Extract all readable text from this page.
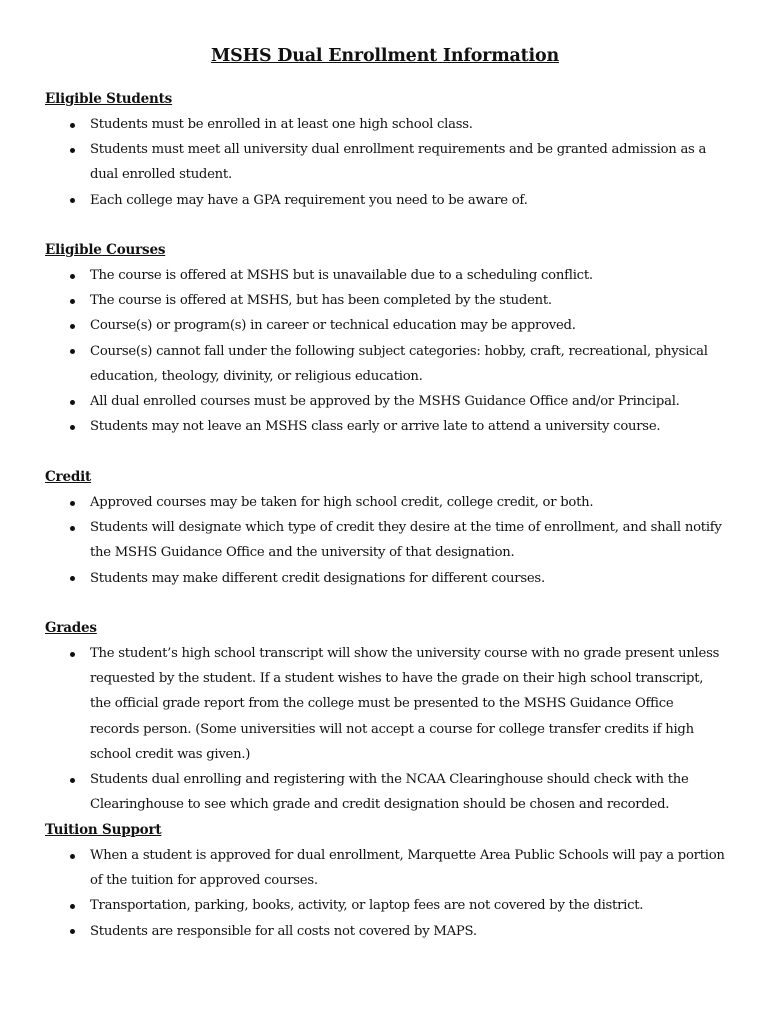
MSHS Dual Enrollment Information
Eligible Students
Students must be enrolled in at least one high school class.
Students must meet all university dual enrollment requirements and be granted admission as a dual enrolled student.
Each college may have a GPA requirement you need to be aware of.
Eligible Courses
The course is offered at MSHS but is unavailable due to a scheduling conflict.
The course is offered at MSHS, but has been completed by the student.
Course(s) or program(s) in career or technical education may be approved.
Course(s) cannot fall under the following subject categories: hobby, craft, recreational, physical education, theology, divinity, or religious education.
All dual enrolled courses must be approved by the MSHS Guidance Office and/or Principal.
Students may not leave an MSHS class early or arrive late to attend a university course.
Credit
Approved courses may be taken for high school credit, college credit, or both.
Students will designate which type of credit they desire at the time of enrollment, and shall notify the MSHS Guidance Office and the university of that designation.
Students may make different credit designations for different courses.
Grades
The student’s high school transcript will show the university course with no grade present unless requested by the student. If a student wishes to have the grade on their high school transcript, the official grade report from the college must be presented to the MSHS Guidance Office records person. (Some universities will not accept a course for college transfer credits if high school credit was given.)
Students dual enrolling and registering with the NCAA Clearinghouse should check with the Clearinghouse to see which grade and credit designation should be chosen and recorded.
Tuition Support
When a student is approved for dual enrollment, Marquette Area Public Schools will pay a portion of the tuition for approved courses.
Transportation, parking, books, activity, or laptop fees are not covered by the district.
Students are responsible for all costs not covered by MAPS.
